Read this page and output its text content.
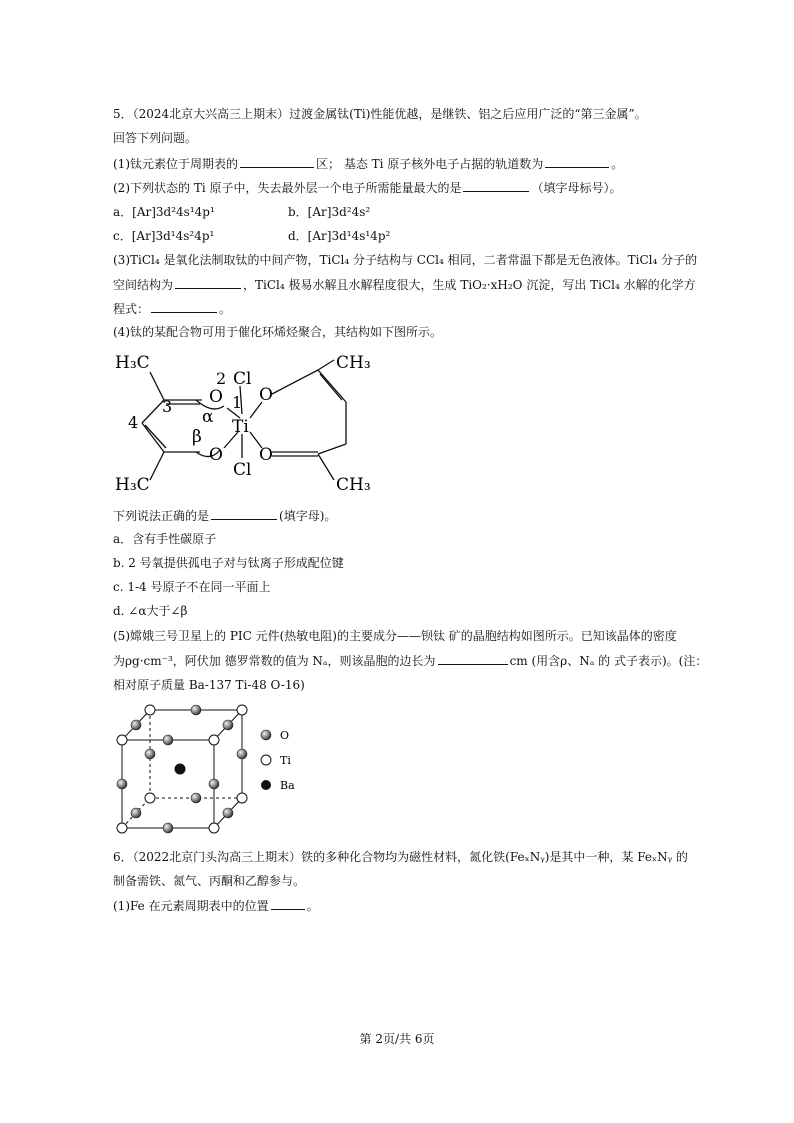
5．（2024北京大兴高三上期末）过渡金属钛(Ti)性能优越，是继铁、铝之后应用广泛的“第三金属”。
回答下列问题。
(1)钛元素位于周期表的	区； 基态 Ti 原子核外电子占据的轨道数为	。
(2)下列状态的 Ti 原子中，失去最外层一个电子所需能量最大的是	（填字母标号）。
a．[Ar]3d²4s¹4p¹	b．[Ar]3d²4s²
c．[Ar]3d¹4s²4p¹	d．[Ar]3d¹4s¹4p²
(3)TiCl₄ 是氧化法制取钛的中间产物，TiCl₄ 分子结构与 CCl₄ 相同，二者常温下都是无色液体。TiCl₄ 分子的
空间结构为	，TiCl₄ 极易水解且水解程度很大，生成 TiO₂·xH₂O 沉淀，写出 TiCl₄ 水解的化学方
程式：	。
(4)钛的某配合物可用于催化环烯烃聚合，其结构如下图所示。
H₃C
H₃C
CH₃
CH₃
Cl
Cl
O
O
O
O
Ti
2
1
3
4	α
β
下列说法正确的是	(填字母)。
a．含有手性碳原子
b. 2 号氧提供孤电子对与钛离子形成配位键
c. 1-4 号原子不在同一平面上
d. ∠α大于∠β
(5)嫦娥三号卫星上的 PIC 元件(热敏电阻)的主要成分——钡钛 矿的晶胞结构如图所示。已知该晶体的密度
为ρg·cm⁻³，阿伏加 德罗常数的值为 Nₐ，则该晶胞的边长为	cm (用含ρ、Nₐ 的 式子表示)。(注：
相对原子质量 Ba-137 Ti-48 O-16)
O
Ti
Ba
6．（2022北京门头沟高三上期末）铁的多种化合物均为磁性材料，氮化铁(FeₓNᵧ)是其中一种，某 FeₓNᵧ 的
制备需铁、氮气、丙酮和乙醇参与。
(1)Fe 在元素周期表中的位置	。
第 2页/共 6页
